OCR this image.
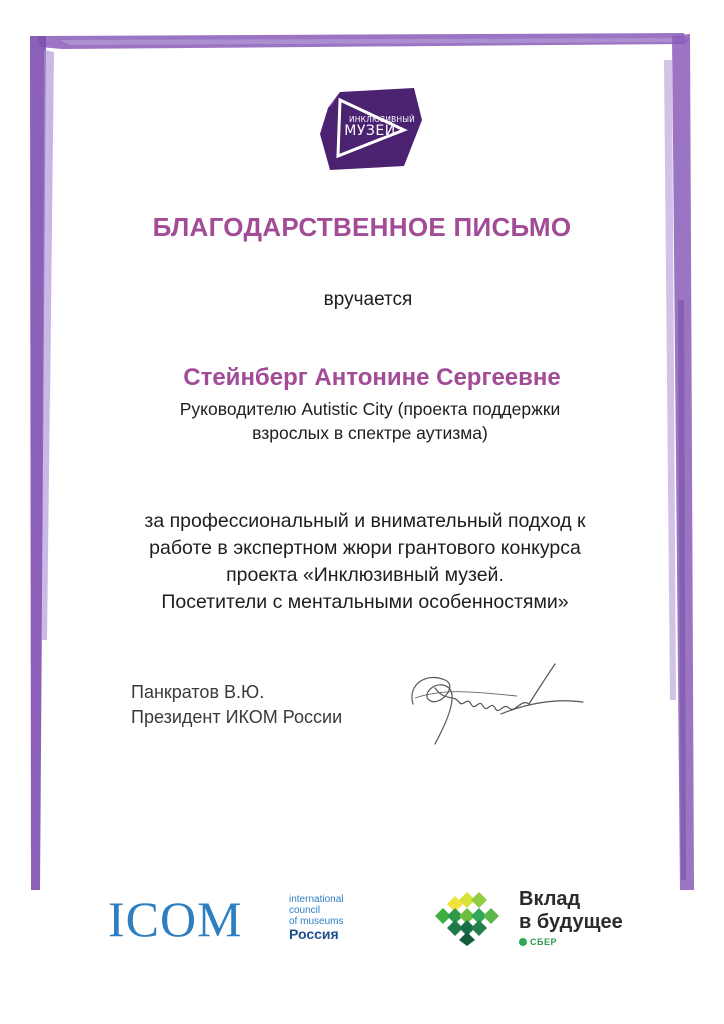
ИНКЛЮЗИВНЫЙ
МУЗЕЙ
БЛАГОДАРСТВЕННОЕ ПИСЬМО
вручается
Стейнберг Антонине Сергеевне
Руководителю Autistic City (проекта поддержки
взрослых в спектре аутизма)
за профессиональный и внимательный подход к
работе в экспертном жюри грантового конкурса
проекта «Инклюзивный музей.
Посетители с ментальными особенностями»
Панкратов В.Ю.
Президент ИКОМ России
ICOM	international
council
of museums
Россия
Вклад
в будущее
СБЕР
